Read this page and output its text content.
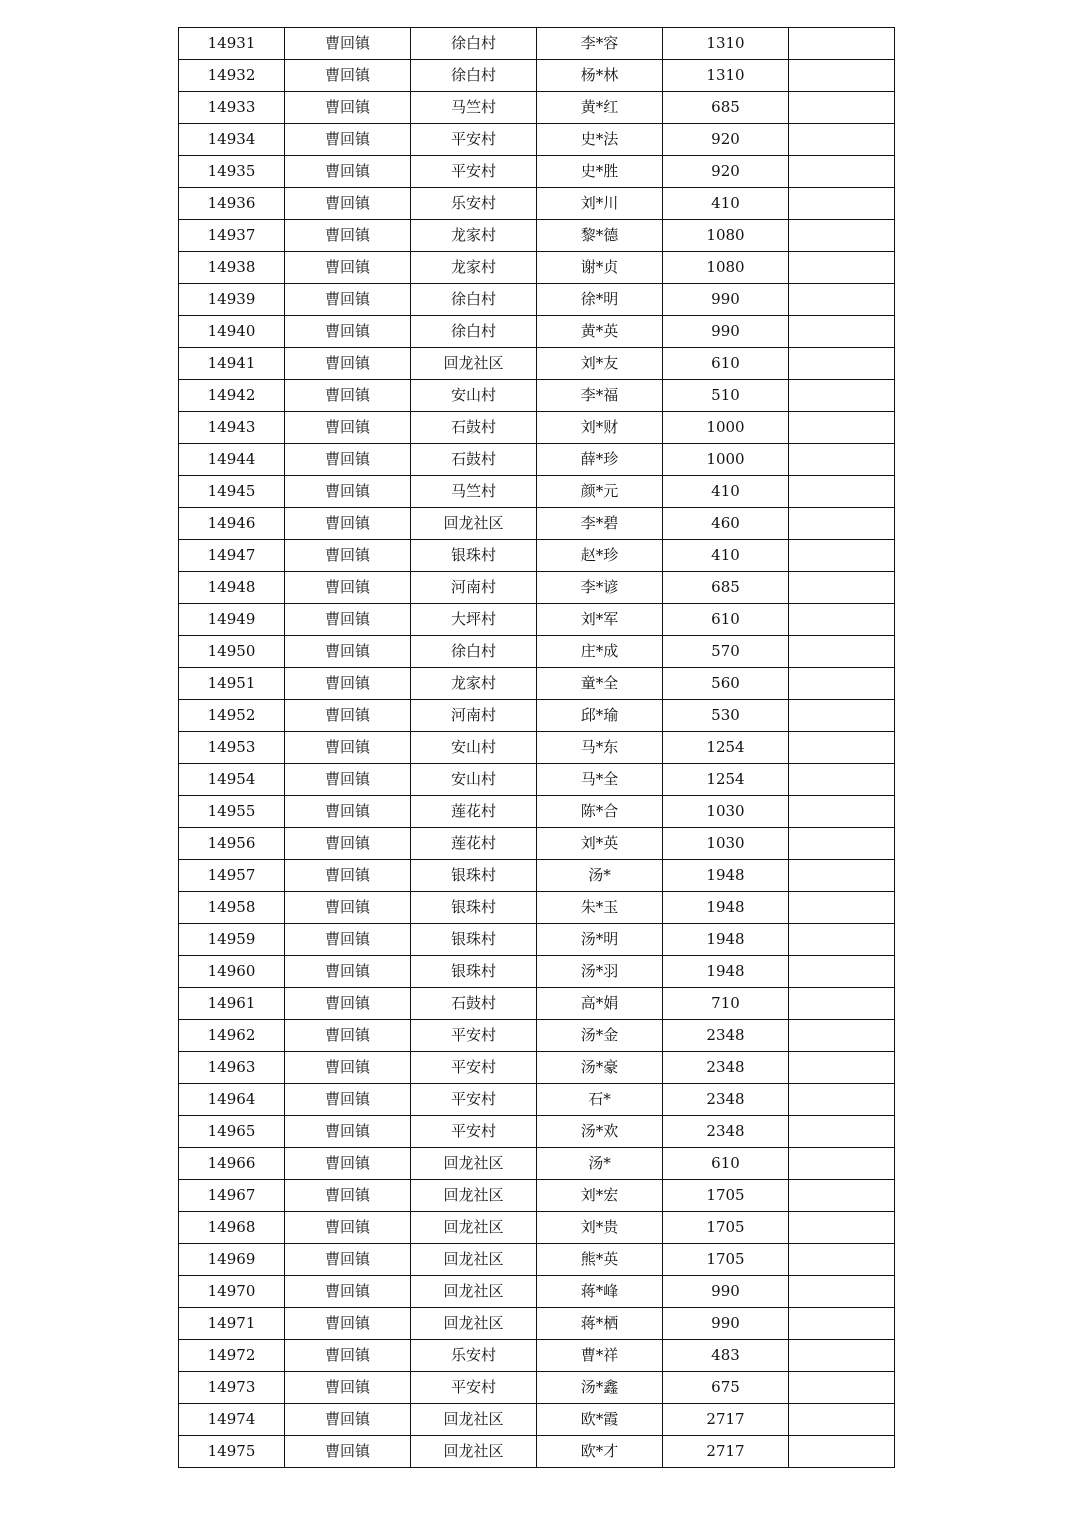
14931	曹回镇	徐白村	李*容	1310	
14932	曹回镇	徐白村	杨*林	1310	
14933	曹回镇	马竺村	黄*红	685	
14934	曹回镇	平安村	史*法	920	
14935	曹回镇	平安村	史*胜	920	
14936	曹回镇	乐安村	刘*川	410	
14937	曹回镇	龙家村	黎*德	1080	
14938	曹回镇	龙家村	谢*贞	1080	
14939	曹回镇	徐白村	徐*明	990	
14940	曹回镇	徐白村	黄*英	990	
14941	曹回镇	回龙社区	刘*友	610	
14942	曹回镇	安山村	李*福	510	
14943	曹回镇	石鼓村	刘*财	1000	
14944	曹回镇	石鼓村	薛*珍	1000	
14945	曹回镇	马竺村	颜*元	410	
14946	曹回镇	回龙社区	李*碧	460	
14947	曹回镇	银珠村	赵*珍	410	
14948	曹回镇	河南村	李*谚	685	
14949	曹回镇	大坪村	刘*军	610	
14950	曹回镇	徐白村	庄*成	570	
14951	曹回镇	龙家村	童*全	560	
14952	曹回镇	河南村	邱*瑜	530	
14953	曹回镇	安山村	马*东	1254	
14954	曹回镇	安山村	马*全	1254	
14955	曹回镇	莲花村	陈*合	1030	
14956	曹回镇	莲花村	刘*英	1030	
14957	曹回镇	银珠村	汤*	1948	
14958	曹回镇	银珠村	朱*玉	1948	
14959	曹回镇	银珠村	汤*明	1948	
14960	曹回镇	银珠村	汤*羽	1948	
14961	曹回镇	石鼓村	高*娟	710	
14962	曹回镇	平安村	汤*金	2348	
14963	曹回镇	平安村	汤*豪	2348	
14964	曹回镇	平安村	石*	2348	
14965	曹回镇	平安村	汤*欢	2348	
14966	曹回镇	回龙社区	汤*	610	
14967	曹回镇	回龙社区	刘*宏	1705	
14968	曹回镇	回龙社区	刘*贵	1705	
14969	曹回镇	回龙社区	熊*英	1705	
14970	曹回镇	回龙社区	蒋*峰	990	
14971	曹回镇	回龙社区	蒋*栖	990	
14972	曹回镇	乐安村	曹*祥	483	
14973	曹回镇	平安村	汤*鑫	675	
14974	曹回镇	回龙社区	欧*霞	2717	
14975	曹回镇	回龙社区	欧*才	2717	
